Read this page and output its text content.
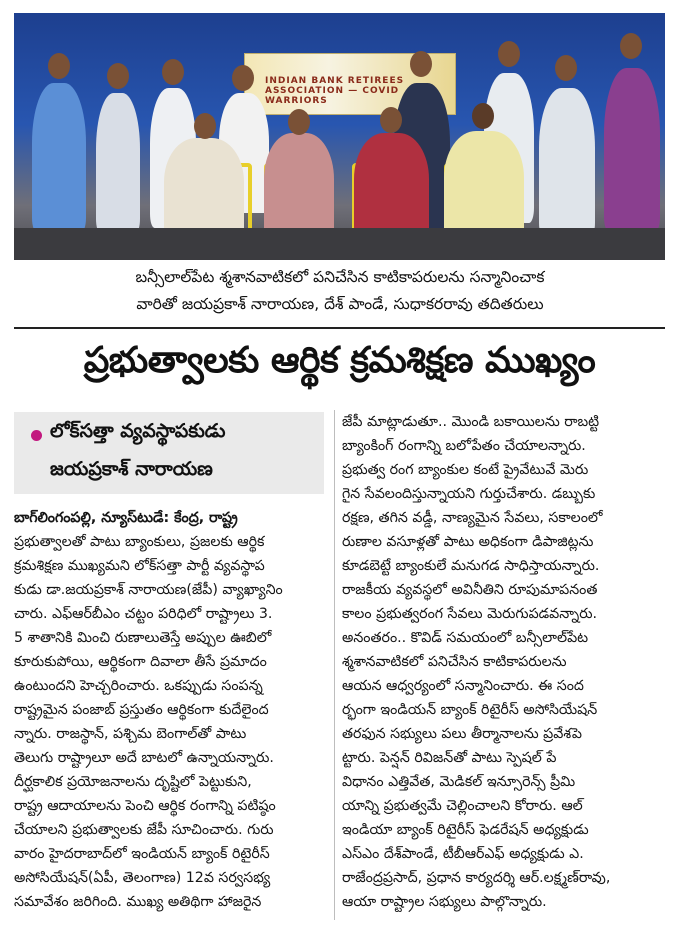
INDIAN BANK RETIREES ASSOCIATION — COVID WARRIORS
బన్సీలాల్‌పేట శ్మశానవాటికలో పనిచేసిన కాటికాపరులను సన్మానించాక
వారితో జయప్రకాశ్‌ నారాయణ, దేశ్‌ పాండే, సుధాకరరావు తదితరులు
ప్రభుత్వాలకు ఆర్థిక క్రమశిక్షణ ముఖ్యం
లోక్‌సత్తా వ్యవస్థాపకుడు
జయప్రకాశ్‌ నారాయణ
బాగ్‌లింగంపల్లి, న్యూస్‌టుడే: కేంద్ర, రాష్ట్ర
ప్రభుత్వాలతో పాటు బ్యాంకులు, ప్రజలకు ఆర్థిక
క్రమశిక్షణ ముఖ్యమని లోక్‌సత్తా పార్టీ వ్యవస్థాప
కుడు డా.జయప్రకాశ్‌ నారాయణ(జేపీ) వ్యాఖ్యానిం
చారు. ఎఫ్‌ఆర్‌బీఎం చట్టం పరిధిలో రాష్ట్రాలు 3.
5 శాతానికి మించి రుణాలుతెస్తే అప్పుల ఊబిలో
కూరుకుపోయి, ఆర్థికంగా దివాలా తీసే ప్రమాదం
ఉంటుందని హెచ్చరించారు. ఒకప్పుడు సంపన్న
రాష్ట్రమైన పంజాబ్‌ ప్రస్తుతం ఆర్థికంగా కుదేలైంద
న్నారు. రాజస్థాన్‌, పశ్చిమ బెంగాల్‌తో పాటు
తెలుగు రాష్ట్రాలూ అదే బాటలో ఉన్నాయన్నారు.
దీర్ఘకాలిక ప్రయోజనాలను దృష్టిలో పెట్టుకుని,
రాష్ట్ర ఆదాయాలను పెంచి ఆర్థిక రంగాన్ని పటిష్ఠం
చేయాలని ప్రభుత్వాలకు జేపీ సూచించారు. గురు
వారం హైదరాబాద్‌లో ఇండియన్‌ బ్యాంక్‌ రిటైరీస్‌
అసోసియేషన్‌(ఏపీ, తెలంగాణ) 12వ సర్వసభ్య
సమావేశం జరిగింది. ముఖ్య అతిథిగా హాజరైన
జేపీ మాట్లాడుతూ.. మొండి బకాయిలను రాబట్టి
బ్యాంకింగ్‌ రంగాన్ని బలోపేతం చేయాలన్నారు.
ప్రభుత్వ రంగ బ్యాంకుల కంటే ప్రైవేటువే మెరు
గైన సేవలందిస్తున్నాయని గుర్తుచేశారు. డబ్బుకు
రక్షణ, తగిన వడ్డీ, నాణ్యమైన సేవలు, సకాలంలో
రుణాల వసూళ్లతో పాటు అధికంగా డిపాజిట్లను
కూడబెట్టే బ్యాంకులే మనుగడ సాధిస్తాయన్నారు.
రాజకీయ వ్యవస్థలో అవినీతిని రూపుమాపనంత
కాలం ప్రభుత్వరంగ సేవలు మెరుగుపడవన్నారు.
అనంతరం.. కొవిడ్‌ సమయంలో బన్సీలాల్‌పేట
శ్మశానవాటికలో పనిచేసిన కాటికాపరులను
ఆయన ఆధ్వర్యంలో సన్మానించారు. ఈ సంద
ర్భంగా ఇండియన్‌ బ్యాంక్‌ రిటైరీస్‌ అసోసియేషన్‌
తరఫున సభ్యులు పలు తీర్మానాలను ప్రవేశపె
ట్టారు. పెన్షన్‌ రివిజన్‌తో పాటు స్పెషల్‌ పే
విధానం ఎత్తివేత, మెడికల్‌ ఇన్సూరెన్స్‌ ప్రీమి
యాన్ని ప్రభుత్వమే చెల్లించాలని కోరారు. ఆల్‌
ఇండియా బ్యాంక్‌ రిటైరీస్‌ ఫెడరేషన్‌ అధ్యక్షుడు
ఎస్‌ఎం దేశ్‌పాండే, టీబీఆర్‌ఎఫ్‌ అధ్యక్షుడు ఎ.
రాజేంద్రప్రసాద్‌, ప్రధాన కార్యదర్శి ఆర్‌.లక్ష్మణ్‌రావు,
ఆయా రాష్ట్రాల సభ్యులు పాల్గొన్నారు.
